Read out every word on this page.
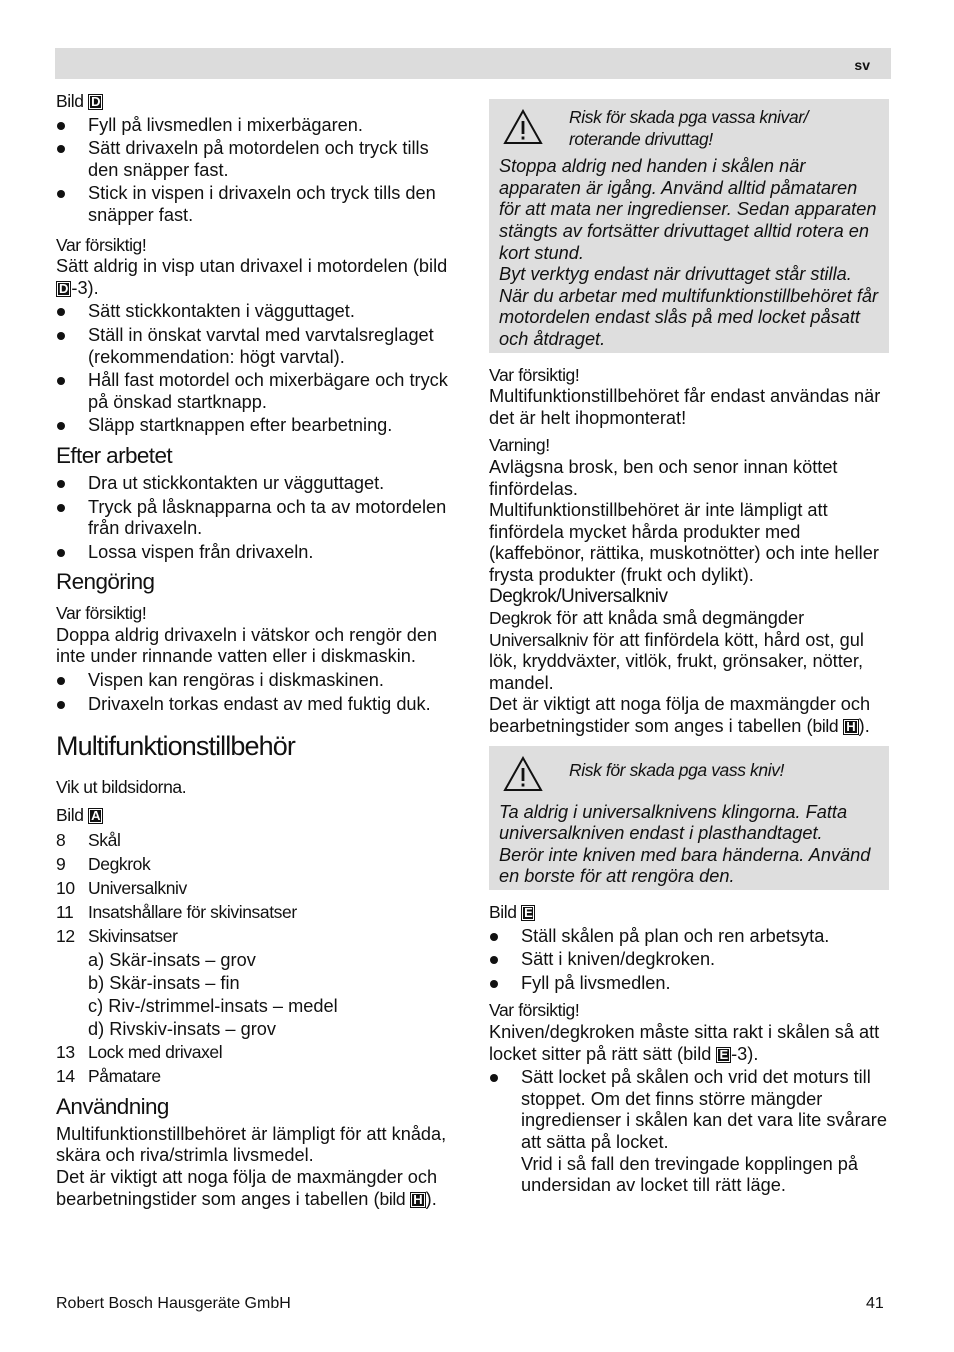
sv
Bild D
Fyll på livsmedlen i mixerbägaren.
Sätt drivaxeln på motordelen och tryck tills den snäpper fast.
Stick in vispen i drivaxeln och tryck tills den snäpper fast.
Var försiktig!
Sätt aldrig in visp utan drivaxel i motordelen (bild D -3).
Sätt stickkontakten i vägguttaget.
Ställ in önskat varvtal med varvtalsreglaget (rekommendation: högt varvtal).
Håll fast motordel och mixerbägare och tryck på önskad startknapp.
Släpp startknappen efter bearbetning.
Efter arbetet
Dra ut stickkontakten ur vägguttaget.
Tryck på låsknapparna och ta av motordelen från drivaxeln.
Lossa vispen från drivaxeln.
Rengöring
Var försiktig!
Doppa aldrig drivaxeln i vätskor och rengör den inte under rinnande vatten eller i diskmaskin.
Vispen kan rengöras i diskmaskinen.
Drivaxeln torkas endast av med fuktig duk.
Multifunktionstillbehör
Vik ut bildsidorna.
Bild A
8 Skål
9 Degkrok
10 Universalkniv
11 Insatshållare för skivinsatser
12 Skivinsatser
a) Skär-insats – grov
b) Skär-insats – fin
c) Riv-/strimmel-insats – medel
d) Rivskiv-insats – grov
13 Lock med drivaxel
14 Påmatare
Användning
Multifunktionstillbehöret är lämpligt för att knåda, skära och riva/strimla livsmedel.
Det är viktigt att noga följa de maxmängder och bearbetningstider som anges i tabellen (bild H ).
Risk för skada pga vassa knivar/ roterande drivuttag!
Stoppa aldrig ned handen i skålen när apparaten är igång. Använd alltid påmataren för att mata ner ingredienser. Sedan apparaten stängts av fortsätter drivuttaget alltid rotera en kort stund.
Byt verktyg endast när drivuttaget står stilla.
När du arbetar med multifunktionstillbehöret får motordelen endast slås på med locket påsatt och åtdraget.
Var försiktig!
Multifunktionstillbehöret får endast användas när det är helt ihopmonterat!
Varning!
Avlägsna brosk, ben och senor innan köttet finfördelas.
Multifunktionstillbehöret är inte lämpligt att finfördela mycket hårda produkter med (kaffebönor, rättika, muskotnötter) och inte heller frysta produkter (frukt och dylikt).
Degkrok/Universalkniv
Degkrok för att knåda små degmängder
Universalkniv för att finfördela kött, hård ost, gul lök, kryddväxter, vitlök, frukt, grönsaker, nötter, mandel.
Det är viktigt att noga följa de maxmängder och bearbetningstider som anges i tabellen (bild H ).
Risk för skada pga vass kniv!
Ta aldrig i universalknivens klingorna. Fatta universalkniven endast i plasthandtaget.
Berör inte kniven med bara händerna. Använd en borste för att rengöra den.
Bild E
Ställ skålen på plan och ren arbetsyta.
Sätt i kniven/degkroken.
Fyll på livsmedlen.
Var försiktig!
Kniven/degkroken måste sitta rakt i skålen så att locket sitter på rätt sätt (bild E -3).
Sätt locket på skålen och vrid det moturs till stoppet. Om det finns större mängder ingredienser i skålen kan det vara lite svårare att sätta på locket.
Vrid i så fall den trevingade kopplingen på undersidan av locket till rätt läge.
Robert Bosch Hausgeräte GmbH	41
